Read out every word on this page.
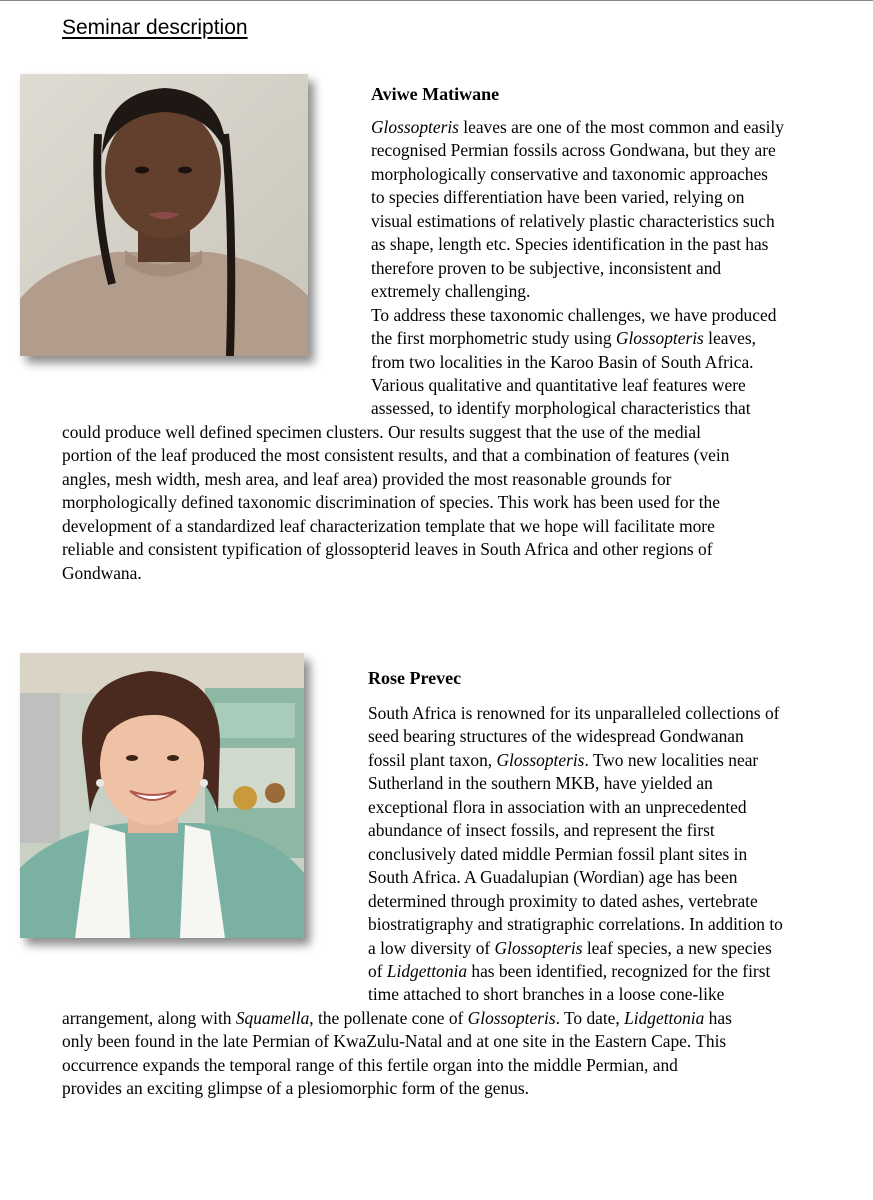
Seminar description
Aviwe Matiwane
Glossopteris leaves are one of the most common and easily
recognised Permian fossils across Gondwana, but they are
morphologically conservative and taxonomic approaches
to species differentiation have been varied, relying on
visual estimations of relatively plastic characteristics such
as shape, length etc. Species identification in the past has
therefore proven to be subjective, inconsistent and
extremely challenging.
To address these taxonomic challenges, we have produced
the first morphometric study using Glossopteris leaves,
from two localities in the Karoo Basin of South Africa.
Various qualitative and quantitative leaf features were
assessed, to identify morphological characteristics that
could produce well defined specimen clusters. Our results suggest that the use of the medial
portion of the leaf produced the most consistent results, and that a combination of features (vein
angles, mesh width, mesh area, and leaf area) provided the most reasonable grounds for
morphologically defined taxonomic discrimination of species. This work has been used for the
development of a standardized leaf characterization template that we hope will facilitate more
reliable and consistent typification of glossopterid leaves in South Africa and other regions of
Gondwana.
Rose Prevec
South Africa is renowned for its unparalleled collections of
seed bearing structures of the widespread Gondwanan
fossil plant taxon, Glossopteris. Two new localities near
Sutherland in the southern MKB, have yielded an
exceptional flora in association with an unprecedented
abundance of insect fossils, and represent the first
conclusively dated middle Permian fossil plant sites in
South Africa. A Guadalupian (Wordian) age has been
determined through proximity to dated ashes, vertebrate
biostratigraphy and stratigraphic correlations. In addition to
a low diversity of Glossopteris leaf species, a new species
of Lidgettonia has been identified, recognized for the first
time attached to short branches in a loose cone-like
arrangement, along with Squamella, the pollenate cone of Glossopteris. To date, Lidgettonia has
only been found in the late Permian of KwaZulu-Natal and at one site in the Eastern Cape. This
occurrence expands the temporal range of this fertile organ into the middle Permian, and
provides an exciting glimpse of a plesiomorphic form of the genus.
